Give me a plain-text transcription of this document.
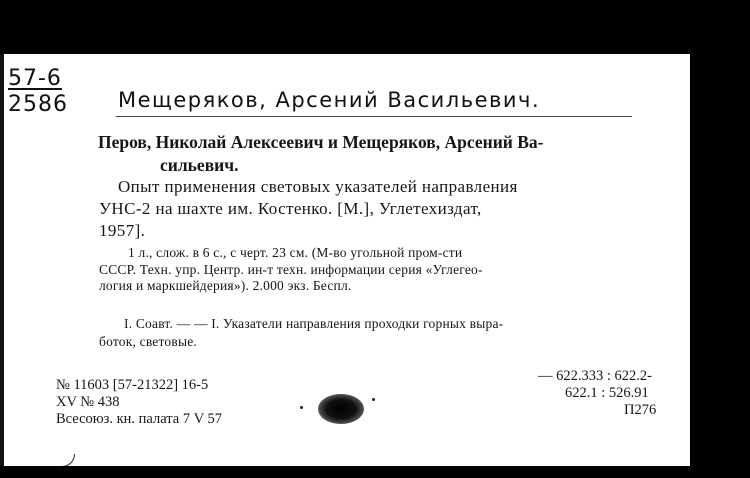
57-6
2586 Мещеряков, Арсений Васильевич.
Перов, Николай Алексеевич и Мещеряков, Арсений Ва-
сильевич.
Опыт применения световых указателей направления
УНС-2 на шахте им. Костенко. [М.], Углетехиздат,
1957].
1 л., слож. в 6 с., с черт. 23 см. (М-во угольной пром-сти
СССР. Техн. упр. Центр. ин-т техн. информации серия «Углегео-
логия и маркшейдерия»). 2.000 экз. Беспл.
I. Соавт. — — I. Указатели направления проходки горных выра-
боток, световые.
№ 11603 [57-21322] 16-5
XV № 438
Всесоюз. кн. палата 7 V 57
— 622.333 : 622.2-
622.1 : 526.91
П276
